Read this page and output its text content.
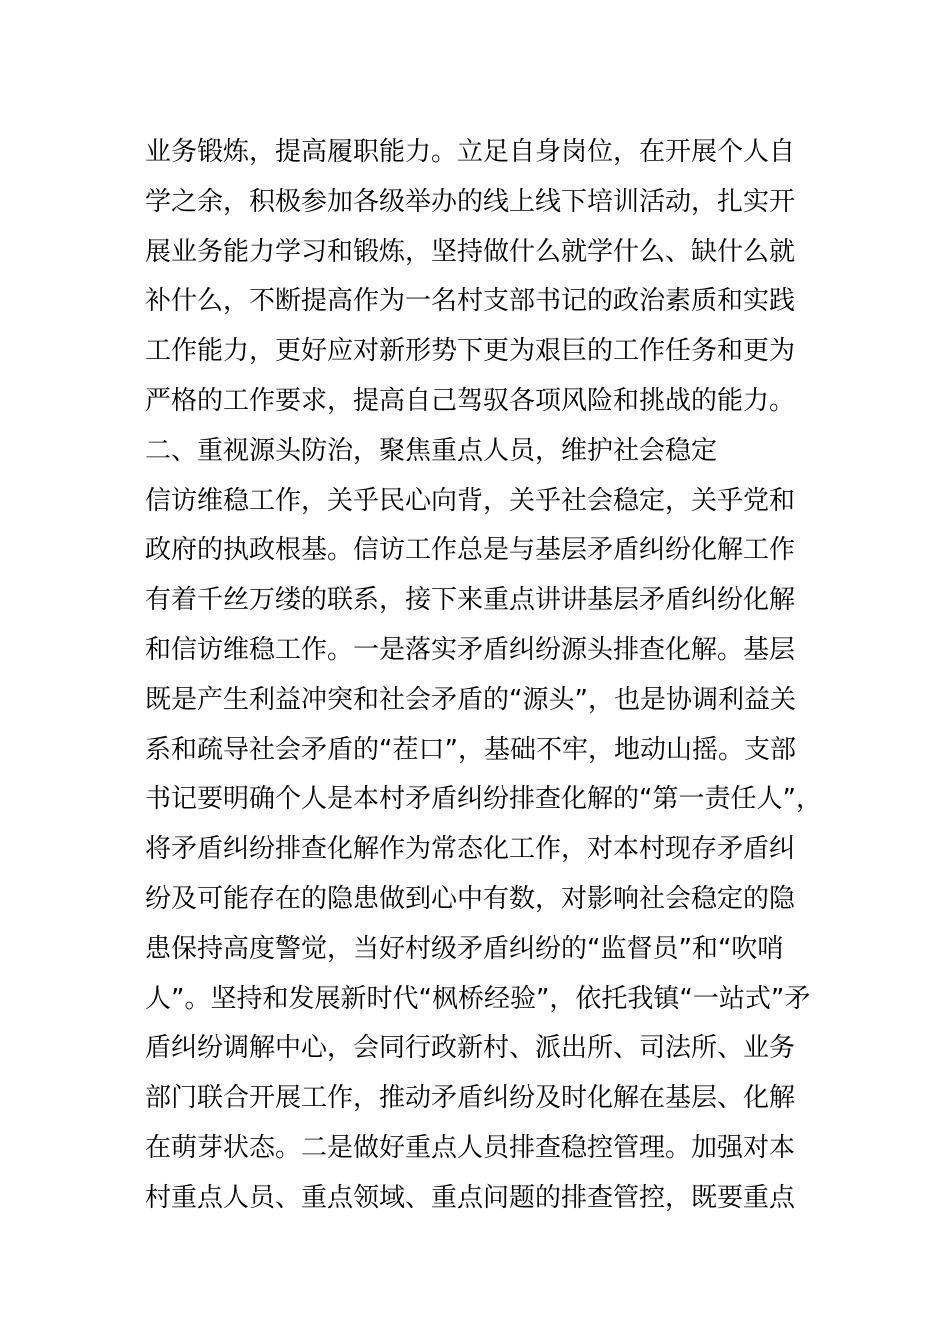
业务锻炼，提高履职能力。立足自身岗位，在开展个人自
学之余，积极参加各级举办的线上线下培训活动，扎实开
展业务能力学习和锻炼，坚持做什么就学什么、缺什么就
补什么，不断提高作为一名村支部书记的政治素质和实践
工作能力，更好应对新形势下更为艰巨的工作任务和更为
严格的工作要求，提高自己驾驭各项风险和挑战的能力。
二、重视源头防治，聚焦重点人员，维护社会稳定
信访维稳工作，关乎民心向背，关乎社会稳定，关乎党和
政府的执政根基。信访工作总是与基层矛盾纠纷化解工作
有着千丝万缕的联系，接下来重点讲讲基层矛盾纠纷化解
和信访维稳工作。一是落实矛盾纠纷源头排查化解。基层
既是产生利益冲突和社会矛盾的“源头”，也是协调利益关
系和疏导社会矛盾的“茬口”，基础不牢，地动山摇。支部
书记要明确个人是本村矛盾纠纷排查化解的“第一责任人”，
将矛盾纠纷排查化解作为常态化工作，对本村现存矛盾纠
纷及可能存在的隐患做到心中有数，对影响社会稳定的隐
患保持高度警觉，当好村级矛盾纠纷的“监督员”和“吹哨
人”。坚持和发展新时代“枫桥经验”，依托我镇“一站式”矛
盾纠纷调解中心，会同行政新村、派出所、司法所、业务
部门联合开展工作，推动矛盾纠纷及时化解在基层、化解
在萌芽状态。二是做好重点人员排查稳控管理。加强对本
村重点人员、重点领域、重点问题的排查管控，既要重点
